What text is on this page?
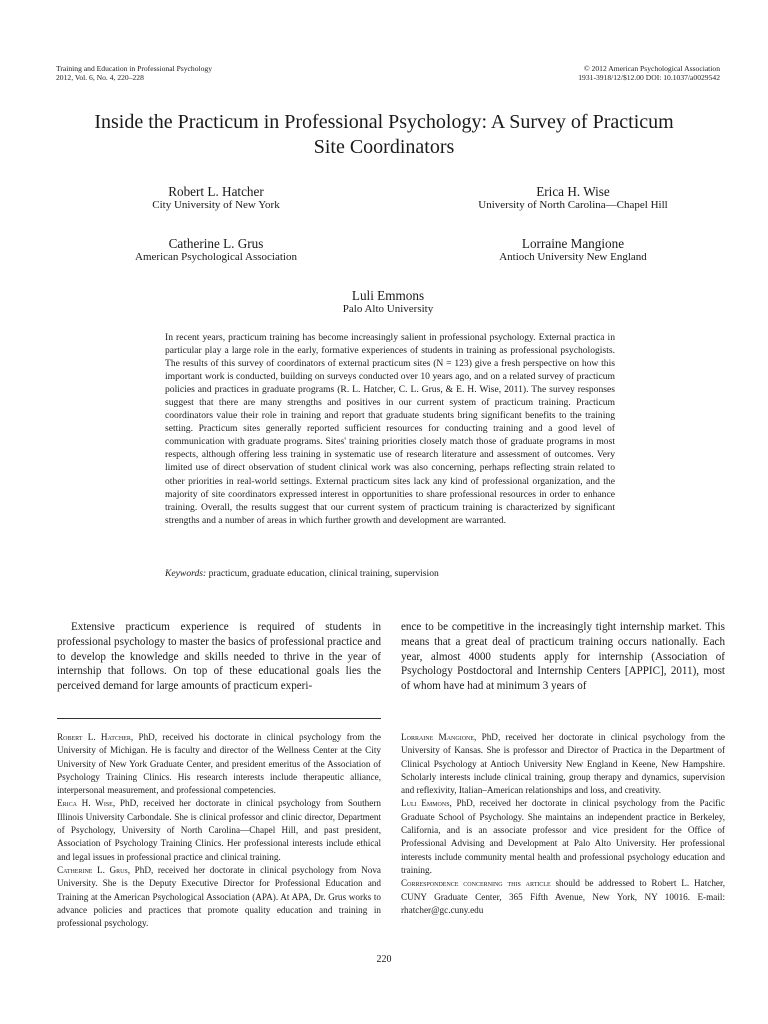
Training and Education in Professional Psychology
2012, Vol. 6, No. 4, 220–228
© 2012 American Psychological Association
1931-3918/12/$12.00 DOI: 10.1037/a0029542
Inside the Practicum in Professional Psychology: A Survey of Practicum
Site Coordinators
Robert L. Hatcher
City University of New York
Erica H. Wise
University of North Carolina—Chapel Hill
Catherine L. Grus
American Psychological Association
Lorraine Mangione
Antioch University New England
Luli Emmons
Palo Alto University
In recent years, practicum training has become increasingly salient in professional psychology. External practica in particular play a large role in the early, formative experiences of students in training as professional psychologists. The results of this survey of coordinators of external practicum sites (N = 123) give a fresh perspective on how this important work is conducted, building on surveys conducted over 10 years ago, and on a related survey of practicum policies and practices in graduate programs (R. L. Hatcher, C. L. Grus, & E. H. Wise, 2011). The survey responses suggest that there are many strengths and positives in our current system of practicum training. Practicum coordinators value their role in training and report that graduate students bring significant benefits to the training setting. Practicum sites generally reported sufficient resources for conducting training and a good level of communication with graduate programs. Sites' training priorities closely match those of graduate programs in most respects, although offering less training in systematic use of research literature and assessment of outcomes. Very limited use of direct observation of student clinical work was also concerning, perhaps reflecting strain related to other priorities in real-world settings. External practicum sites lack any kind of professional organization, and the majority of site coordinators expressed interest in opportunities to share professional resources in order to enhance training. Overall, the results suggest that our current system of practicum training is characterized by significant strengths and a number of areas in which further growth and development are warranted.
Keywords: practicum, graduate education, clinical training, supervision
Extensive practicum experience is required of students in professional psychology to master the basics of professional practice and to develop the knowledge and skills needed to thrive in the year of internship that follows. On top of these educational goals lies the perceived demand for large amounts of practicum experi-
ence to be competitive in the increasingly tight internship market. This means that a great deal of practicum training occurs nationally. Each year, almost 4000 students apply for internship (Association of Psychology Postdoctoral and Internship Centers [APPIC], 2011), most of whom have had at minimum 3 years of

Robert L. Hatcher, PhD, received his doctorate in clinical psychology from the University of Michigan. He is faculty and director of the Wellness Center at the City University of New York Graduate Center, and president emeritus of the Association of Psychology Training Clinics. His research interests include therapeutic alliance, interpersonal measurement, and professional competencies.

Erica H. Wise, PhD, received her doctorate in clinical psychology from Southern Illinois University Carbondale. She is clinical professor and clinic director, Department of Psychology, University of North Carolina—Chapel Hill, and past president, Association of Psychology Training Clinics. Her professional interests include ethical and legal issues in professional practice and clinical training.

Catherine L. Grus, PhD, received her doctorate in clinical psychology from Nova University. She is the Deputy Executive Director for Professional Education and Training at the American Psychological Association (APA). At APA, Dr. Grus works to advance policies and practices that promote quality education and training in professional psychology.

Lorraine Mangione, PhD, received her doctorate in clinical psychology from the University of Kansas. She is professor and Director of Practica in the Department of Clinical Psychology at Antioch University New England in Keene, New Hampshire. Scholarly interests include clinical training, group therapy and dynamics, supervision and reflexivity, Italian–American relationships and loss, and creativity.

Luli Emmons, PhD, received her doctorate in clinical psychology from the Pacific Graduate School of Psychology. She maintains an independent practice in Berkeley, California, and is an associate professor and vice president for the Office of Professional Advising and Development at Palo Alto University. Her professional interests include community mental health and professional psychology education and training.

Correspondence concerning this article should be addressed to Robert L. Hatcher, CUNY Graduate Center, 365 Fifth Avenue, New York, NY 10016. E-mail: rhatcher@gc.cuny.edu

220
